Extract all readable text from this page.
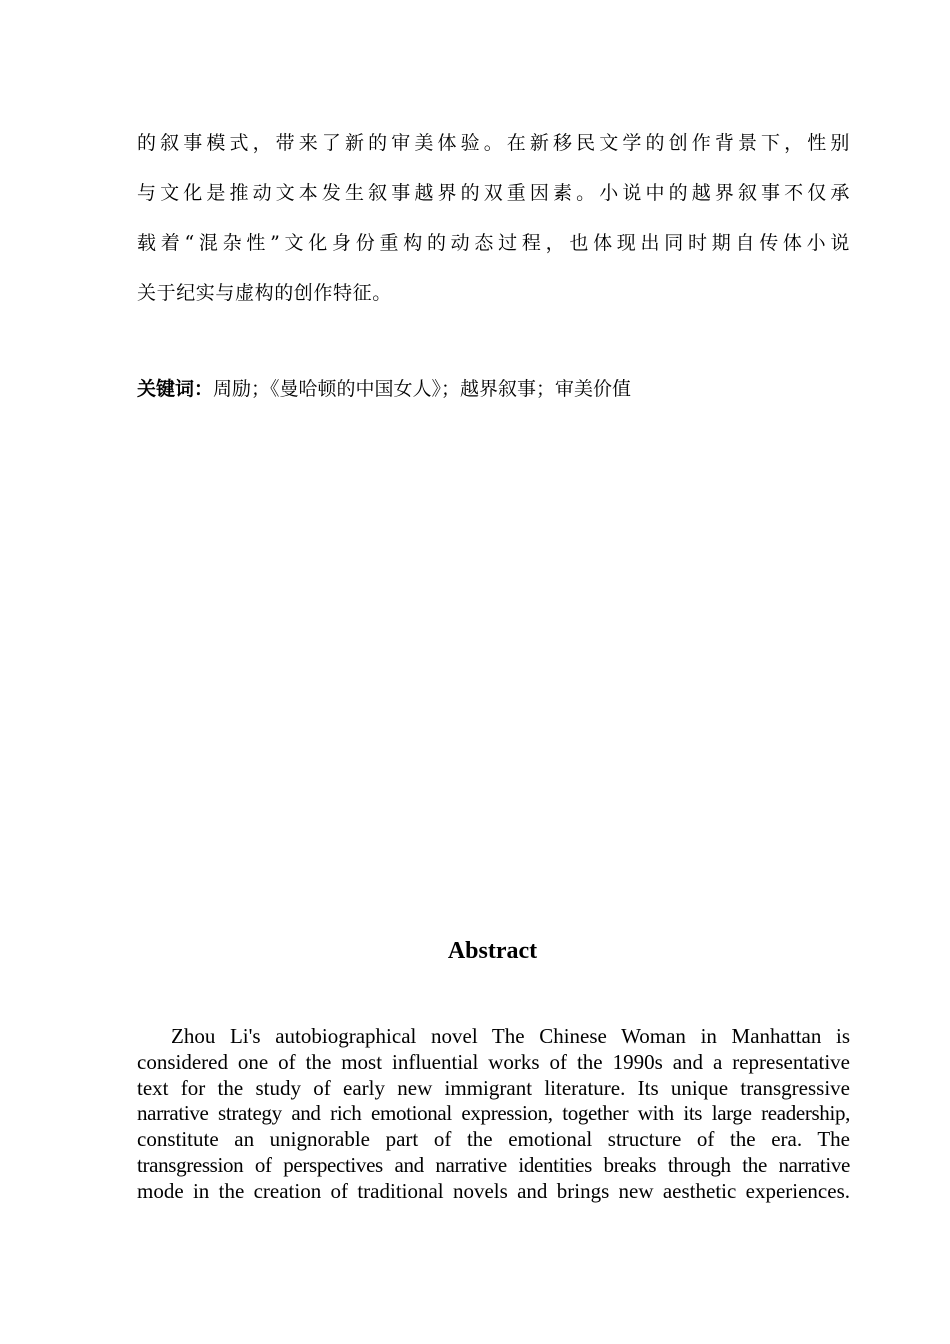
的叙事模式，带来了新的审美体验。在新移民文学的创作背景下，性别
与文化是推动文本发生叙事越界的双重因素。小说中的越界叙事不仅承
载着“混杂性”文化身份重构的动态过程，也体现出同时期自传体小说
关于纪实与虚构的创作特征。
关键词：周励；《曼哈顿的中国女人》；越界叙事；审美价值
Abstract
Zhou Li's autobiographical novel The Chinese Woman in Manhattan is
considered one of the most influential works of the 1990s and a representative
text for the study of early new immigrant literature. Its unique transgressive
narrative strategy and rich emotional expression, together with its large readership,
constitute an unignorable part of the emotional structure of the era. The
transgression of perspectives and narrative identities breaks through the narrative
mode in the creation of traditional novels and brings new aesthetic experiences.
